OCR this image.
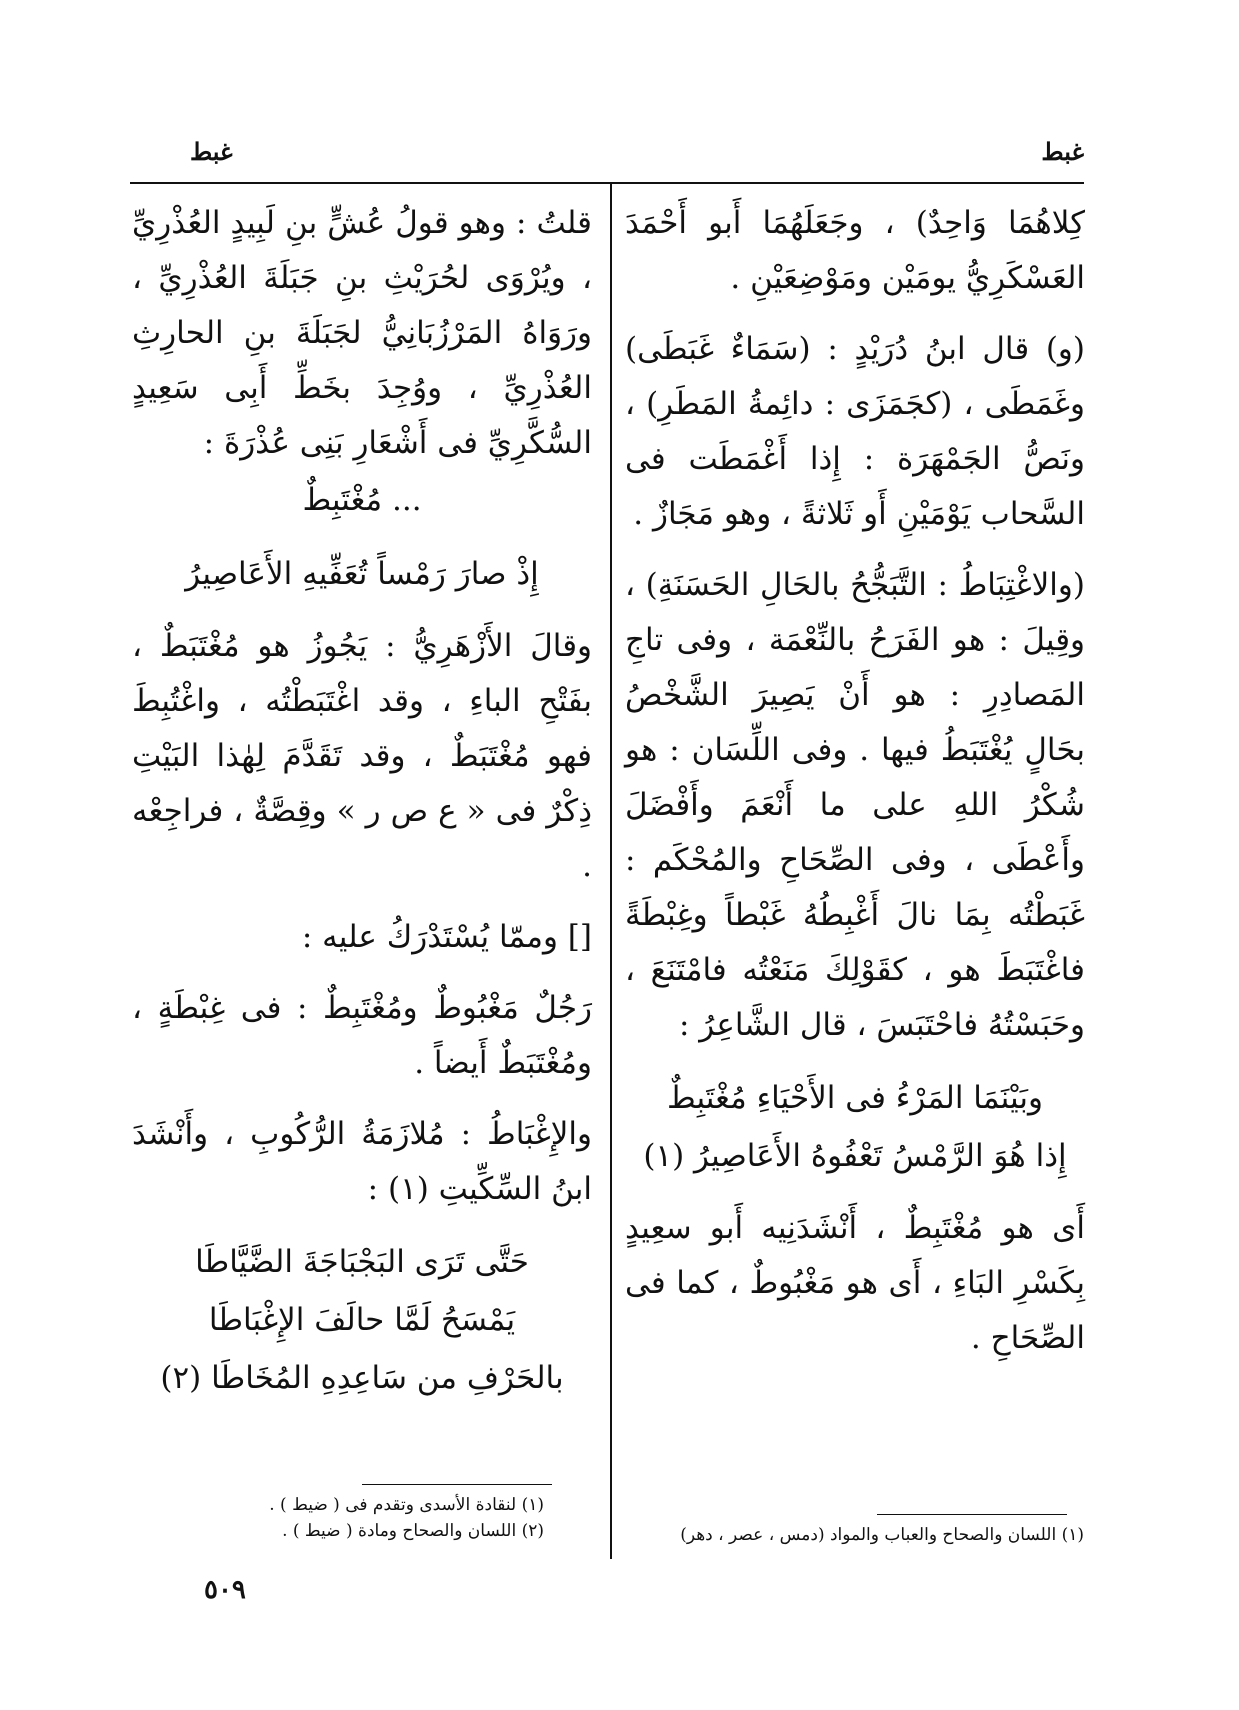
غبط
غبط

كِلاهُمَا وَاحِدٌ) ، وجَعَلَهُمَا أَبو أَحْمَدَ العَسْكَرِيُّ يومَيْن ومَوْضِعَيْنِ .

(و) قال ابنُ دُرَيْدٍ : (سَمَاءٌ غَبَطَى) وغَمَطَى ، (كجَمَزَى : دائِمةُ المَطَرِ) ، ونَصُّ الجَمْهَرَة : إِذا أَغْمَطَت فى السَّحاب يَوْمَيْنِ أَو ثَلاثةً ، وهو مَجَازٌ .

(والاغْتِبَاطُ : التَّبَجُّحُ بالحَالِ الحَسَنَةِ) ، وقِيلَ : هو الفَرَحُ بالنِّعْمَة ، وفى تاجِ المَصادِرِ : هو أَنْ يَصِيرَ الشَّخْصُ بحَالٍ يُغْتَبَطُ فيها . وفى اللِّسَان : هو شُكْرُ اللهِ على ما أَنْعَمَ وأَفْضَلَ وأَعْطَى ، وفى الصِّحَاحِ والمُحْكَم : غَبَطْتُه بِمَا نالَ أَغْبِطُهُ غَبْطاً وغِبْطَةً فاغْتَبَطَ هو ، كقَوْلِكَ مَنَعْتُه فامْتَنَعَ ، وحَبَسْتُهُ فاحْتَبَسَ ، قال الشَّاعِرُ :

وبَيْنَمَا المَرْءُ فى الأَحْيَاءِ مُغْتَبِطٌ

إِذا هُوَ الرَّمْسُ تَعْفُوهُ الأَعَاصِيرُ (١)

أَى هو مُغْتَبِطٌ ، أَنْشَدَنِيه أَبو سعِيدٍ بِكَسْرِ البَاءِ ، أَى هو مَغْبُوطٌ ، كما فى الصِّحَاحِ .

قلتُ : وهو قولُ عُشٍّ بنِ لَبِيدٍ العُذْرِيِّ ، ويُرْوَى لحُرَيْثِ بنِ جَبَلَةَ العُذْرِيِّ ، ورَوَاهُ المَرْزُبَانِيُّ لجَبَلَةَ بنِ الحارِثِ العُذْرِيِّ ، ووُجِدَ بخَطِّ أَبِى سَعِيدٍ السُّكَّرِيِّ فى أَشْعَارِ بَنِى عُذْرَةَ :

... مُغْتَبِطٌ

إِذْ صارَ رَمْساً تُعَفِّيهِ الأَعَاصِيرُ

وقالَ الأَزْهَرِيُّ : يَجُوزُ هو مُغْتَبَطٌ ، بفَتْحِ الباءِ ، وقد اغْتَبَطْتُه ، واغْتُبِطَ فهو مُغْتَبَطٌ ، وقد تَقَدَّمَ لِهٰذا البَيْتِ ذِكْرٌ فى « ع ص ر » وقِصَّةٌ ، فراجِعْه .

[] وممّا يُسْتَدْرَكُ عليه :

رَجُلٌ مَغْبُوطٌ ومُغْتَبِطٌ : فى غِبْطَةٍ ، ومُغْتَبَطٌ أَيضاً .

والإِغْبَاطُ : مُلازَمَةُ الرُّكُوبِ ، وأَنْشَدَ ابنُ السِّكِّيتِ (١) :

حَتَّى تَرَى البَجْبَاجَةَ الضَّيَّاطَا

يَمْسَحُ لَمَّا حالَفَ الإِغْبَاطَا

بالحَرْفِ من سَاعِدِهِ المُخَاطَا (٢)

(١) لنقادة الأسدى وتقدم فى ( ضيط ) .
(٢) اللسان والصحاح ومادة ( ضيط ) .	(١) اللسان والصحاح والعباب والمواد (دمس ، عصر ، دهر)
٥٠٩
